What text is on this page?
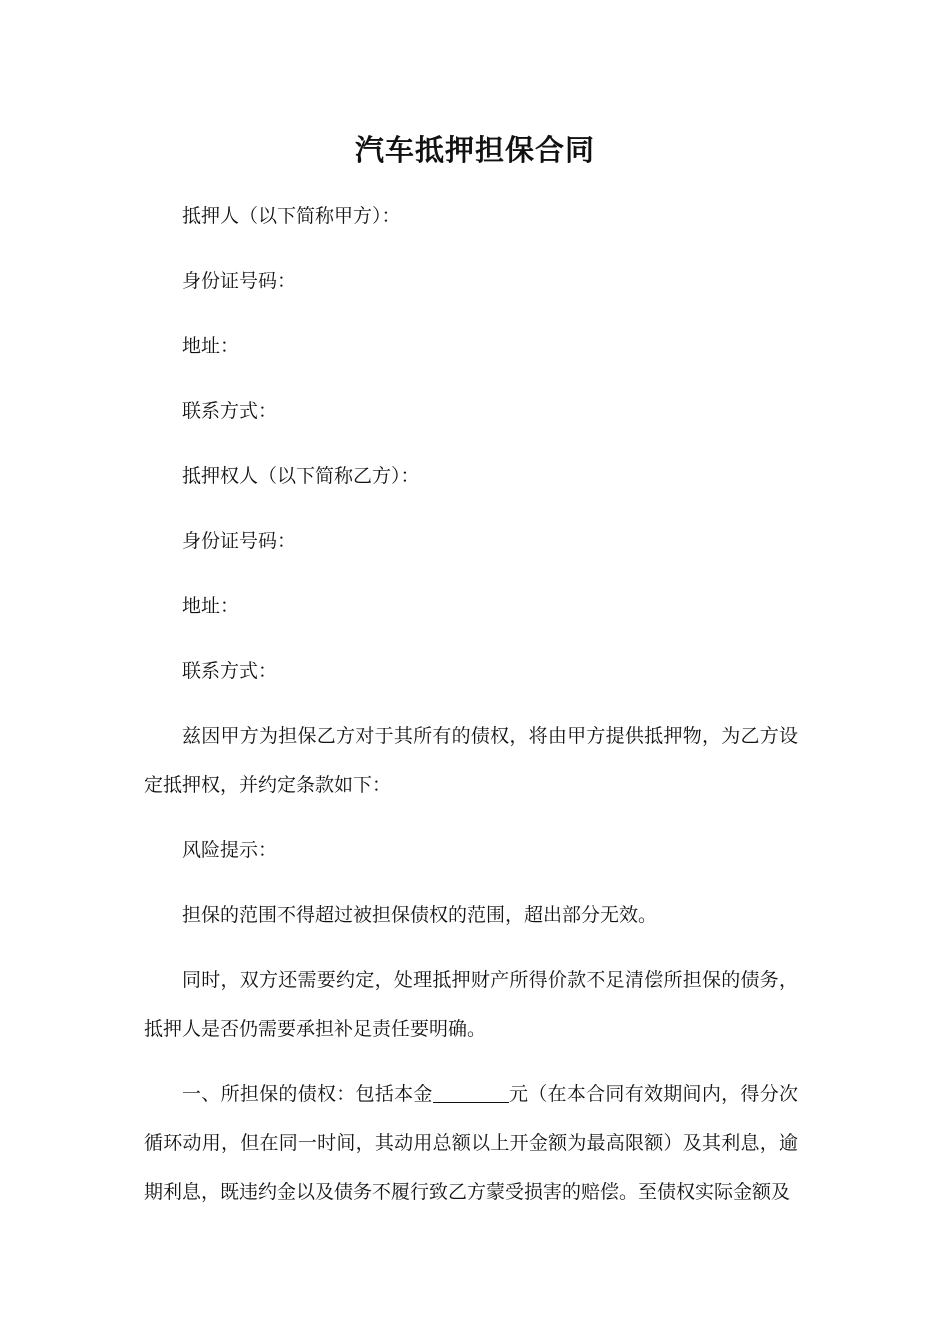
汽车抵押担保合同

抵押人（以下简称甲方）：

身份证号码：

地址：

联系方式：

抵押权人（以下简称乙方）：

身份证号码：

地址：

联系方式：

兹因甲方为担保乙方对于其所有的债权，将由甲方提供抵押物，为乙方设定抵押权，并约定条款如下：

风险提示：

担保的范围不得超过被担保债权的范围，超出部分无效。

同时，双方还需要约定，处理抵押财产所得价款不足清偿所担保的债务，抵押人是否仍需要承担补足责任要明确。

一、所担保的债权：包括本金	元（在本合同有效期间内，得分次循环动用，但在同一时间，其动用总额以上开金额为最高限额）及其利息，逾期利息，既违约金以及债务不履行致乙方蒙受损害的赔偿。至债权实际金额及
